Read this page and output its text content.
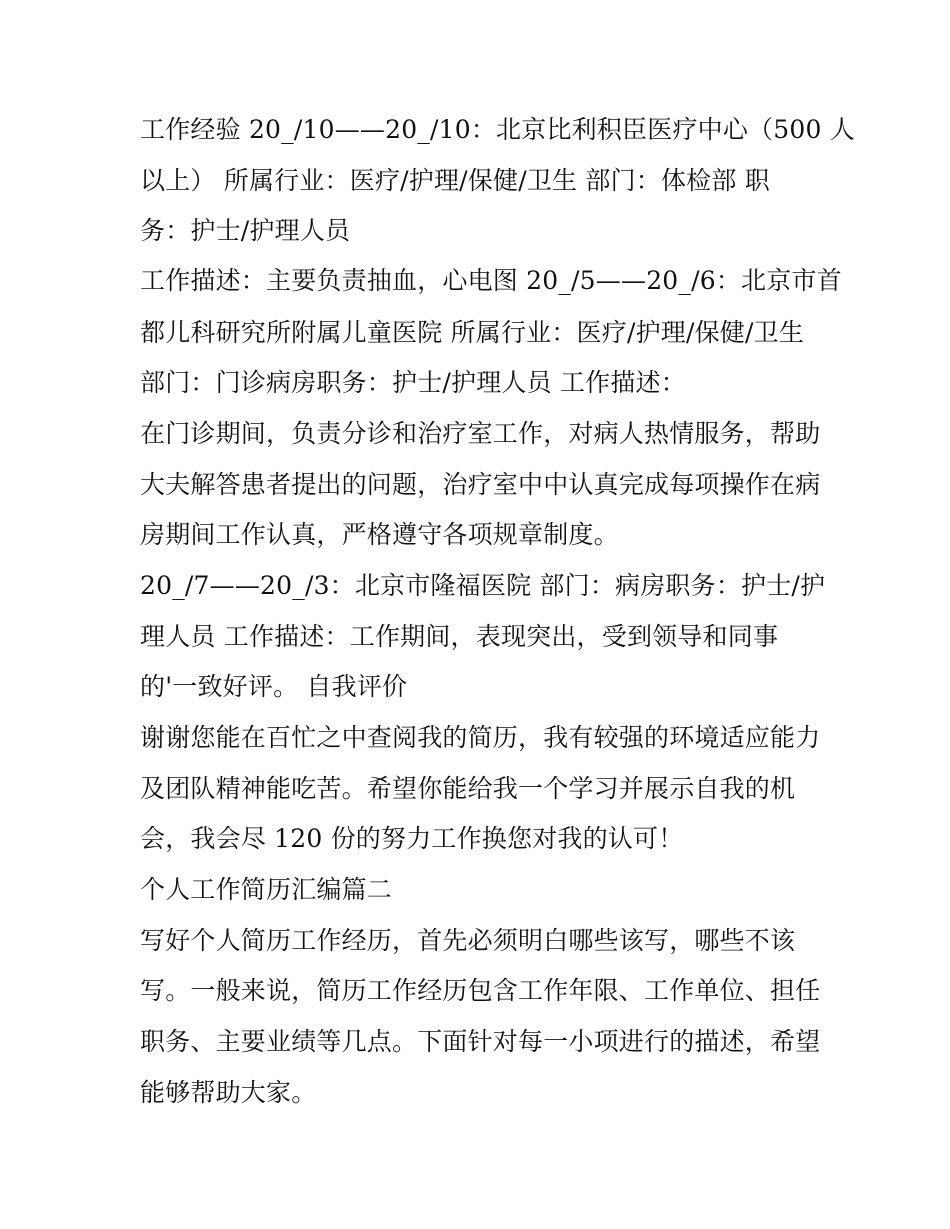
工作经验 20_/10——20_/10：北京比利积臣医疗中心（500 人
以上） 所属行业：医疗/护理/保健/卫生 部门：体检部 职
务：护士/护理人员
工作描述：主要负责抽血，心电图 20_/5——20_/6：北京市首
都儿科研究所附属儿童医院 所属行业：医疗/护理/保健/卫生
部门：门诊病房职务：护士/护理人员 工作描述：
在门诊期间，负责分诊和治疗室工作，对病人热情服务，帮助
大夫解答患者提出的问题，治疗室中中认真完成每项操作在病
房期间工作认真，严格遵守各项规章制度。
20_/7——20_/3：北京市隆福医院 部门：病房职务：护士/护
理人员 工作描述：工作期间，表现突出，受到领导和同事
的'一致好评。 自我评价
谢谢您能在百忙之中查阅我的简历，我有较强的环境适应能力
及团队精神能吃苦。希望你能给我一个学习并展示自我的机
会，我会尽 120 份的努力工作换您对我的认可！
个人工作简历汇编篇二
写好个人简历工作经历，首先必须明白哪些该写，哪些不该
写。一般来说，简历工作经历包含工作年限、工作单位、担任
职务、主要业绩等几点。下面针对每一小项进行的描述，希望
能够帮助大家。
